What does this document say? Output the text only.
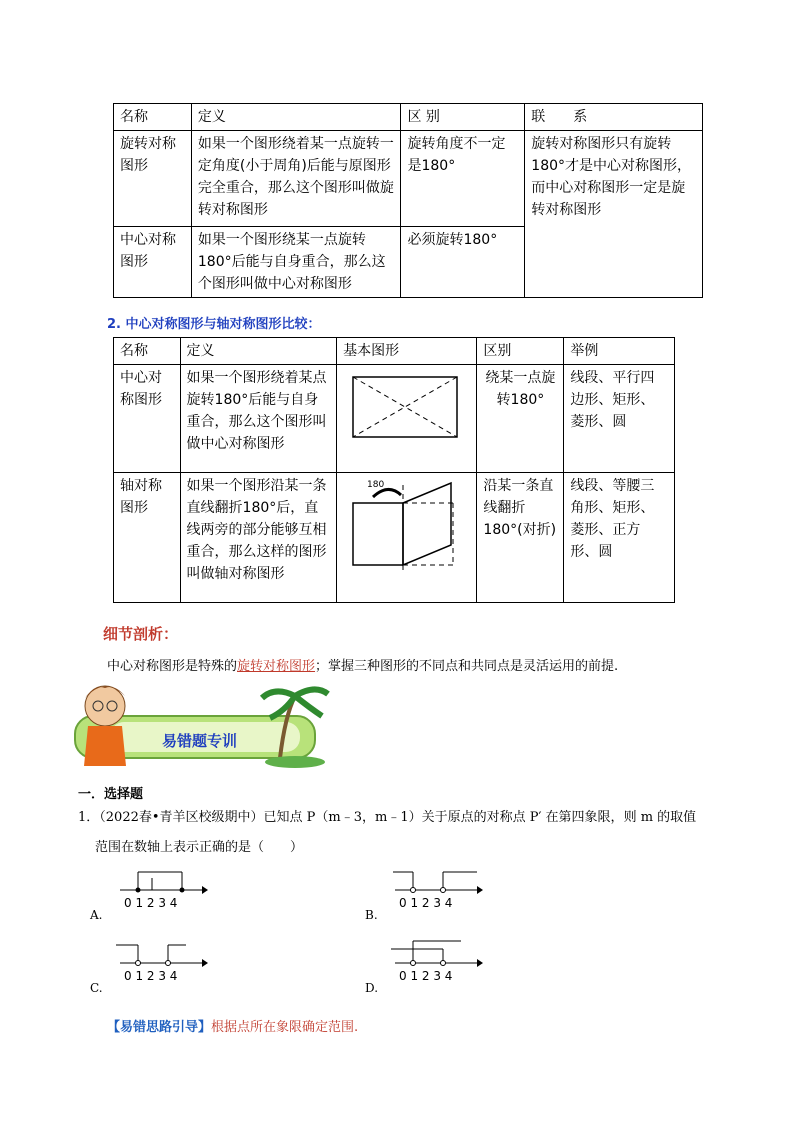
名称	定义	区 别	联　　系
旋转对称图形	如果一个图形绕着某一点旋转一定角度(小于周角)后能与原图形完全重合，那么这个图形叫做旋转对称图形	旋转角度不一定是180°	旋转对称图形只有旋转180°才是中心对称图形，而中心对称图形一定是旋转对称图形
中心对称图形	如果一个图形绕某一点旋转180°后能与自身重合，那么这个图形叫做中心对称图形	必须旋转180°	
2. 中心对称图形与轴对称图形比较：
名称	定义	基本图形	区别	举例
中心对称图形	如果一个图形绕着某点旋转180°后能与自身重合，那么这个图形叫做中心对称图形		绕某一点旋转180°	线段、平行四边形、矩形、菱形、圆
轴对称图形	如果一个图形沿某一条直线翻折180°后，直线两旁的部分能够互相重合，那么这样的图形叫做轴对称图形	180	沿某一条直线翻折180°(对折)	线段、等腰三角形、矩形、菱形、正方形、圆
细节剖析：
中心对称图形是特殊的旋转对称图形；掌握三种图形的不同点和共同点是灵活运用的前提.
易错题专训
一．选择题
1．（2022春•青羊区校级期中）已知点 P（m﹣3，m﹣1）关于原点的对称点 P′ 在第四象限，则 m 的取值
范围在数轴上表示正确的是（　　）
0 1 2 3 4
A.
0 1 2 3 4
B.
0 1 2 3 4
C.
0 1 2 3 4
D.
【易错思路引导】根据点所在象限确定范围.
